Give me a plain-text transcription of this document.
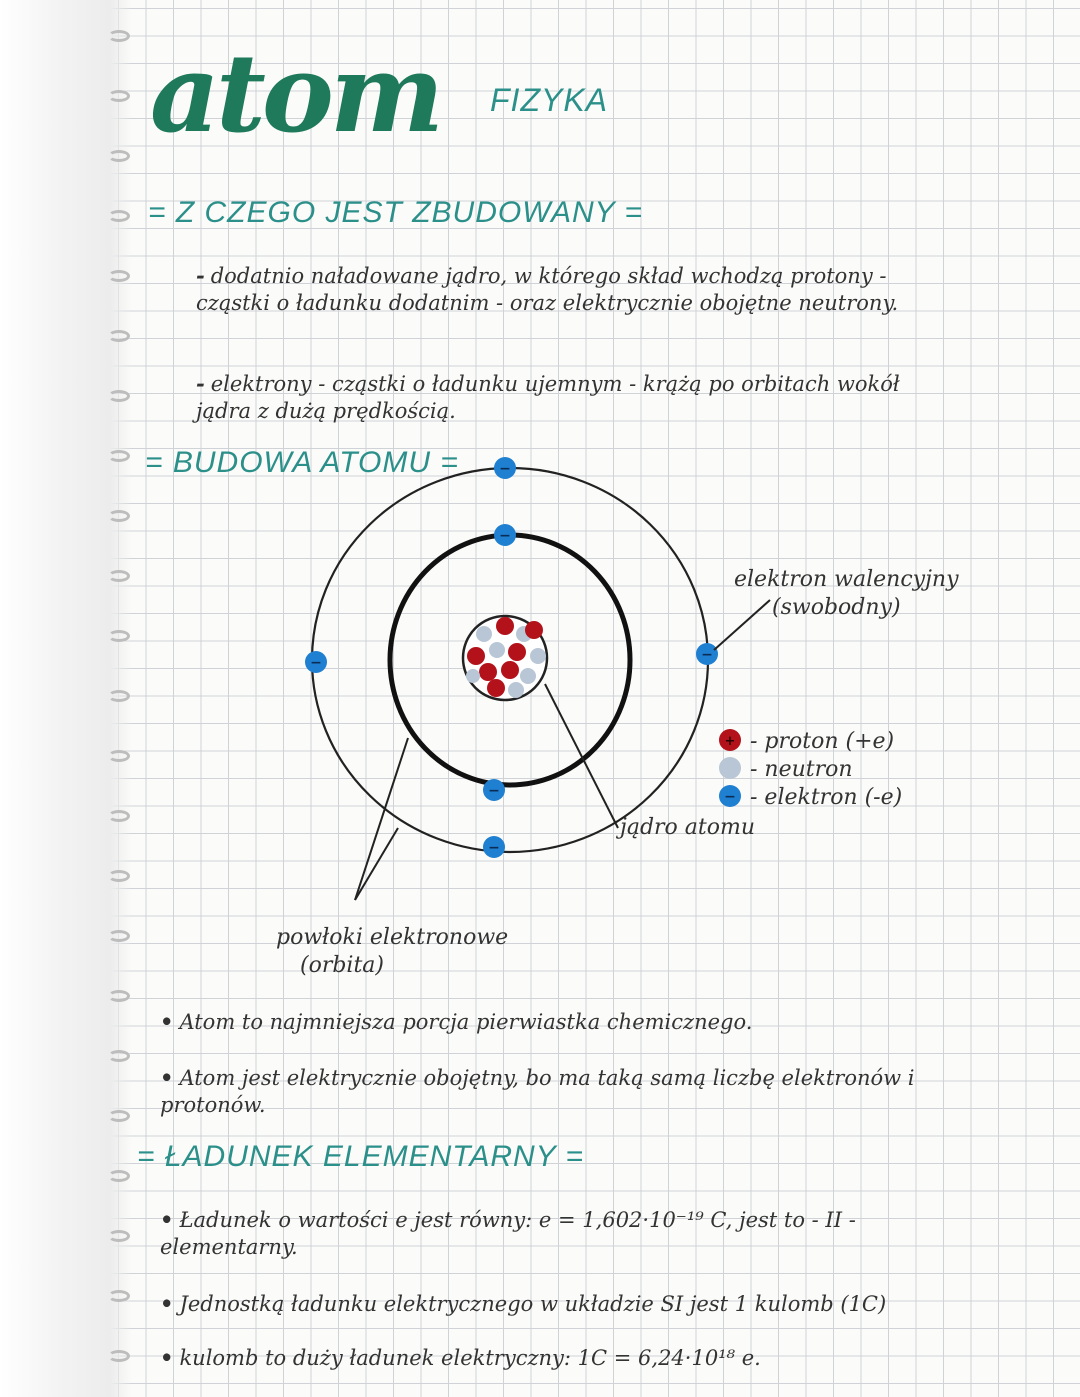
atom FIZYKA
= Z CZEGO JEST ZBUDOWANY =
- dodatnio naładowane jądro, w którego skład wchodzą protony - cząstki o ładunku dodatnim - oraz elektrycznie obojętne neutrony.
- elektrony - cząstki o ładunku ujemnym - krążą po orbitach wokół jądra z dużą prędkością.
= BUDOWA ATOMU =	−
−
−	−
−
−
+
−
elektron walencyjny
(swobodny)
jądro atomu
powłoki elektronowe
(orbita)
- proton (+e)
- neutron
- elektron (-e)
• Atom to najmniejsza porcja pierwiastka chemicznego.
• Atom jest elektrycznie obojętny, bo ma taką samą liczbę elektronów i protonów.
= ŁADUNEK ELEMENTARNY =
• Ładunek o wartości e jest równy: e = 1,602·10⁻¹⁹ C, jest to - II - elementarny.
• Jednostką ładunku elektrycznego w układzie SI jest 1 kulomb (1C)
• kulomb to duży ładunek elektryczny: 1C = 6,24·10¹⁸ e.
